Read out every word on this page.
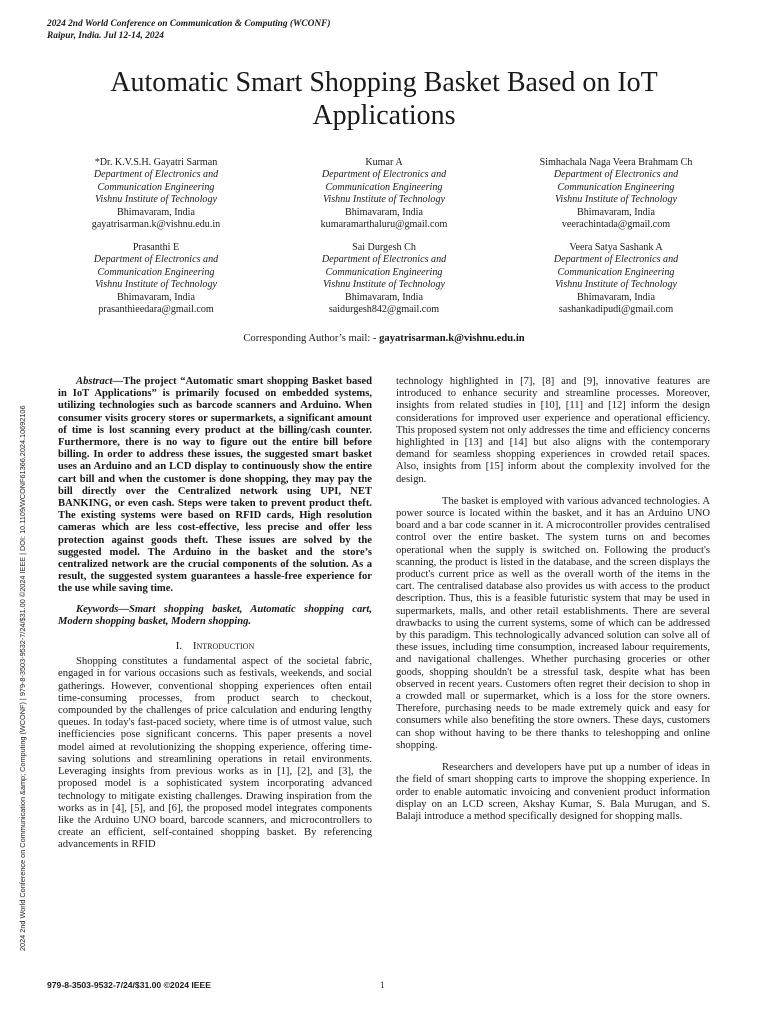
2024 2nd World Conference on Communication & Computing (WCONF)
Raipur, India. Jul 12-14, 2024
2024 2nd World Conference on Communication &amp; Computing (WCONF) | 979-8-3503-9532-7/24/$31.00 ©2024 IEEE | DOI: 10.1109/WCONF61366.2024.10692106
Automatic Smart Shopping Basket Based on IoT Applications
*Dr. K.V.S.H. Gayatri Sarman
Department of Electronics and
Communication Engineering
Vishnu Institute of Technology
Bhimavaram, India
gayatrisarman.k@vishnu.edu.in
Kumar A
Department of Electronics and
Communication Engineering
Vishnu Institute of Technology
Bhimavaram, India
kumaramarthaluru@gmail.com
Simhachala Naga Veera Brahmam Ch
Department of Electronics and
Communication Engineering
Vishnu Institute of Technology
Bhimavaram, India
veerachintada@gmail.com
Prasanthi E
Department of Electronics and
Communication Engineering
Vishnu Institute of Technology
Bhimavaram, India
prasanthieedara@gmail.com
Sai Durgesh Ch
Department of Electronics and
Communication Engineering
Vishnu Institute of Technology
Bhimavaram, India
saidurgesh842@gmail.com
Veera Satya Sashank A
Department of Electronics and
Communication Engineering
Vishnu Institute of Technology
Bhimavaram, India
sashankadipudi@gmail.com
Corresponding Author’s mail: - gayatrisarman.k@vishnu.edu.in

Abstract—The project “Automatic smart shopping Basket based in IoT Applications” is primarily focused on embedded systems, utilizing technologies such as barcode scanners and Arduino. When consumer visits grocery stores or supermarkets, a significant amount of time is lost scanning every product at the billing/cash counter. Furthermore, there is no way to figure out the entire bill before billing. In order to address these issues, the suggested smart basket uses an Arduino and an LCD display to continuously show the entire cart bill and when the customer is done shopping, they may pay the bill directly over the Centralized network using UPI, NET BANKING, or even cash. Steps were taken to prevent product theft. The existing systems were based on RFID cards, High resolution cameras which are less cost-effective, less precise and offer less protection against goods theft. These issues are solved by the suggested model. The Arduino in the basket and the store’s centralized network are the crucial components of the solution. As a result, the suggested system guarantees a hassle-free experience for the use while saving time.

Keywords—Smart shopping basket, Automatic shopping cart, Modern shopping basket, Modern shopping.

I. Introduction

Shopping constitutes a fundamental aspect of the societal fabric, engaged in for various occasions such as festivals, weekends, and social gatherings. However, conventional shopping experiences often entail time-consuming processes, from product search to checkout, compounded by the challenges of price calculation and enduring lengthy queues. In today's fast-paced society, where time is of utmost value, such inefficiencies pose significant concerns. This paper presents a novel model aimed at revolutionizing the shopping experience, offering time-saving solutions and streamlining operations in retail environments. Leveraging insights from previous works as in [1], [2], and [3], the proposed model is a sophisticated system incorporating advanced technology to mitigate existing challenges. Drawing inspiration from the works as in [4], [5], and [6], the proposed model integrates components like the Arduino UNO board, barcode scanners, and microcontrollers to create an efficient, self-contained shopping basket. By referencing advancements in RFID

technology highlighted in [7], [8] and [9], innovative features are introduced to enhance security and streamline processes. Moreover, insights from related studies in [10], [11] and [12] inform the design considerations for improved user experience and operational efficiency. This proposed system not only addresses the time and efficiency concerns highlighted in [13] and [14] but also aligns with the contemporary demand for seamless shopping experiences in crowded retail spaces. Also, insights from [15] inform about the complexity involved for the design.

The basket is employed with various advanced technologies. A power source is located within the basket, and it has an Arduino UNO board and a bar code scanner in it. A microcontroller provides centralised control over the entire basket. The system turns on and becomes operational when the supply is switched on. Following the product's scanning, the product is listed in the database, and the screen displays the product's current price as well as the overall worth of the items in the cart. The centralised database also provides us with access to the product description. Thus, this is a feasible futuristic system that may be used in supermarkets, malls, and other retail establishments. There are several drawbacks to using the current systems, some of which can be addressed by this paradigm. This technologically advanced solution can solve all of these issues, including time consumption, increased labour requirements, and navigational challenges. Whether purchasing groceries or other goods, shopping shouldn't be a stressful task, despite what has been observed in recent years. Customers often regret their decision to shop in a crowded mall or supermarket, which is a loss for the store owners. Therefore, purchasing needs to be made extremely quick and easy for consumers while also benefiting the store owners. These days, customers can shop without having to be there thanks to teleshopping and online shopping.

Researchers and developers have put up a number of ideas in the field of smart shopping carts to improve the shopping experience. In order to enable automatic invoicing and convenient product information display on an LCD screen, Akshay Kumar, S. Bala Murugan, and S. Balaji introduce a method specifically designed for shopping malls.

979-8-3503-9532-7/24/$31.00 ©2024 IEEE	1
